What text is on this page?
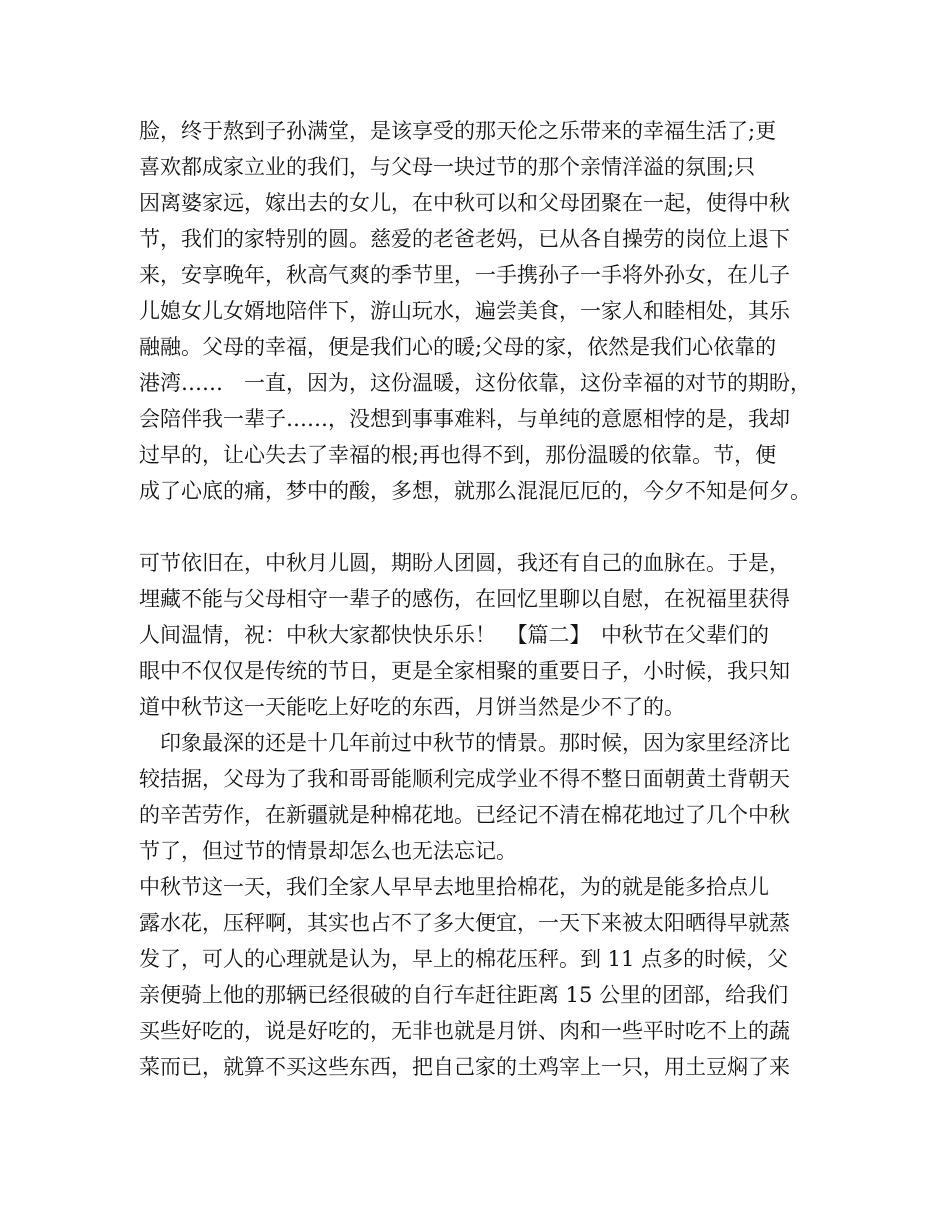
脸，终于熬到子孙满堂，是该享受的那天伦之乐带来的幸福生活了;更
喜欢都成家立业的我们，与父母一块过节的那个亲情洋溢的氛围;只
因离婆家远，嫁出去的女儿，在中秋可以和父母团聚在一起，使得中秋
节，我们的家特别的圆。慈爱的老爸老妈，已从各自操劳的岗位上退下
来，安享晚年，秋高气爽的季节里，一手携孙子一手将外孙女，在儿子
儿媳女儿女婿地陪伴下，游山玩水，遍尝美食，一家人和睦相处，其乐
融融。父母的幸福，便是我们心的暖;父母的家，依然是我们心依靠的
港湾……　一直，因为，这份温暖，这份依靠，这份幸福的对节的期盼，
会陪伴我一辈子……，没想到事事难料，与单纯的意愿相悖的是，我却
过早的，让心失去了幸福的根;再也得不到，那份温暖的依靠。节，便
成了心底的痛，梦中的酸，多想，就那么混混厄厄的，今夕不知是何夕。
可节依旧在，中秋月儿圆，期盼人团圆，我还有自己的血脉在。于是，
埋藏不能与父母相守一辈子的感伤，在回忆里聊以自慰，在祝福里获得
人间温情，祝：中秋大家都快快乐乐！　【篇二】　中秋节在父辈们的
眼中不仅仅是传统的节日，更是全家相聚的重要日子，小时候，我只知
道中秋节这一天能吃上好吃的东西，月饼当然是少不了的。
　印象最深的还是十几年前过中秋节的情景。那时候，因为家里经济比
较拮据，父母为了我和哥哥能顺利完成学业不得不整日面朝黄土背朝天
的辛苦劳作，在新疆就是种棉花地。已经记不清在棉花地过了几个中秋
节了，但过节的情景却怎么也无法忘记。
中秋节这一天，我们全家人早早去地里拾棉花，为的就是能多拾点儿
露水花，压秤啊，其实也占不了多大便宜，一天下来被太阳晒得早就蒸
发了，可人的心理就是认为，早上的棉花压秤。到 11 点多的时候，父
亲便骑上他的那辆已经很破的自行车赶往距离 15 公里的团部，给我们
买些好吃的，说是好吃的，无非也就是月饼、肉和一些平时吃不上的蔬
菜而已，就算不买这些东西，把自己家的土鸡宰上一只，用土豆焖了来
